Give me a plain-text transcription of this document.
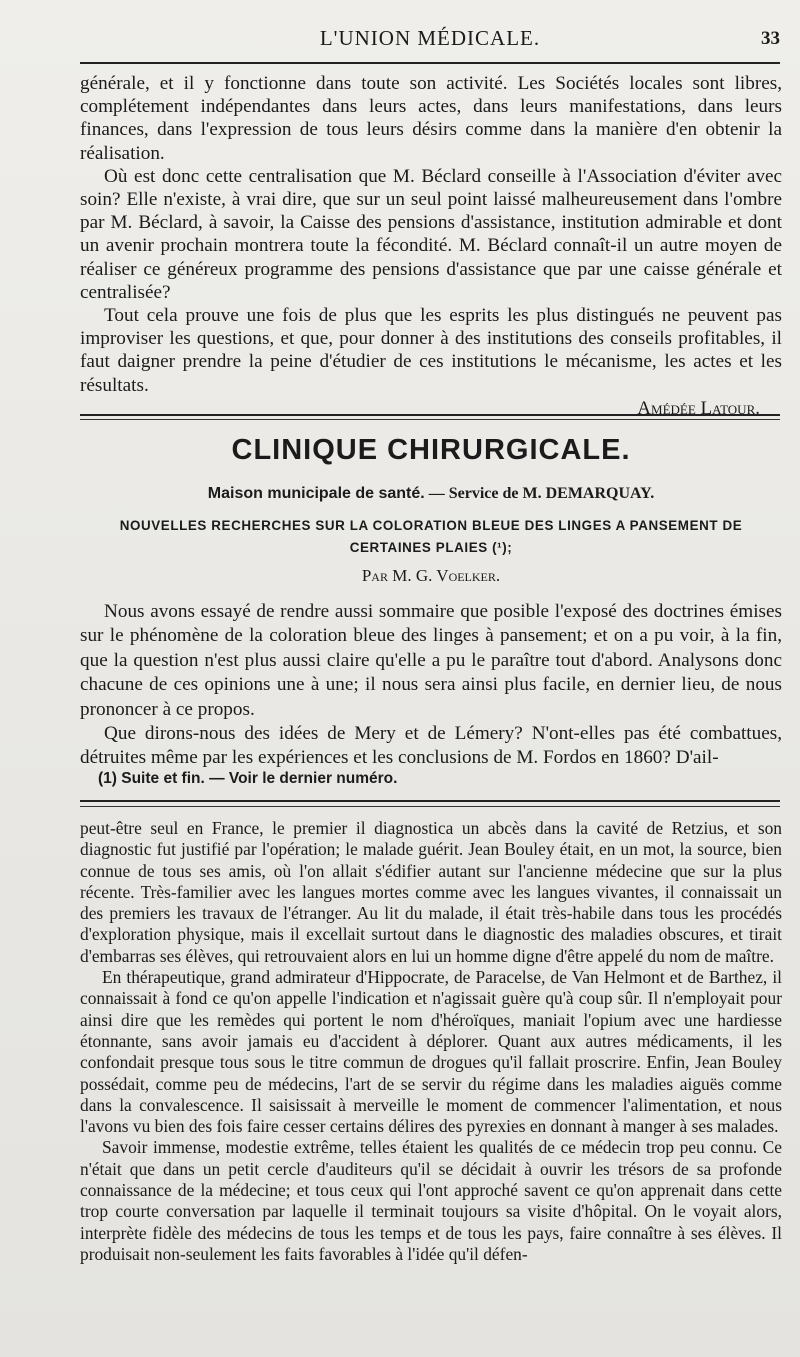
L'UNION MÉDICALE.	33

générale, et il y fonctionne dans toute son activité. Les Sociétés locales sont libres, complétement indépendantes dans leurs actes, dans leurs manifestations, dans leurs finances, dans l'expression de tous leurs désirs comme dans la manière d'en obtenir la réalisation.

Où est donc cette centralisation que M. Béclard conseille à l'Association d'éviter avec soin? Elle n'existe, à vrai dire, que sur un seul point laissé malheureusement dans l'ombre par M. Béclard, à savoir, la Caisse des pensions d'assistance, institution admirable et dont un avenir prochain montrera toute la fécondité. M. Béclard connaît-il un autre moyen de réaliser ce généreux programme des pensions d'assistance que par une caisse générale et centralisée?

Tout cela prouve une fois de plus que les esprits les plus distingués ne peuvent pas improviser les questions, et que, pour donner à des institutions des conseils profitables, il faut daigner prendre la peine d'étudier de ces institutions le mécanisme, les actes et les résultats.

Amédée Latour.

CLINIQUE CHIRURGICALE.
Maison municipale de santé. — Service de M. DEMARQUAY.
NOUVELLES RECHERCHES SUR LA COLORATION BLEUE DES LINGES A PANSEMENT DE CERTAINES PLAIES (¹);
Par M. G. Voelker.

Nous avons essayé de rendre aussi sommaire que posible l'exposé des doctrines émises sur le phénomène de la coloration bleue des linges à pansement; et on a pu voir, à la fin, que la question n'est plus aussi claire qu'elle a pu le paraître tout d'abord. Analysons donc chacune de ces opinions une à une; il nous sera ainsi plus facile, en dernier lieu, de nous prononcer à ce propos.

Que dirons-nous des idées de Mery et de Lémery? N'ont-elles pas été combattues, détruites même par les expériences et les conclusions de M. Fordos en 1860? D'ail-

(1) Suite et fin. — Voir le dernier numéro.

peut-être seul en France, le premier il diagnostica un abcès dans la cavité de Retzius, et son diagnostic fut justifié par l'opération; le malade guérit. Jean Bouley était, en un mot, la source, bien connue de tous ses amis, où l'on allait s'édifier autant sur l'ancienne médecine que sur la plus récente. Très-familier avec les langues mortes comme avec les langues vivantes, il connaissait un des premiers les travaux de l'étranger. Au lit du malade, il était très-habile dans tous les procédés d'exploration physique, mais il excellait surtout dans le diagnostic des maladies obscures, et tirait d'embarras ses élèves, qui retrouvaient alors en lui un homme digne d'être appelé du nom de maître.

En thérapeutique, grand admirateur d'Hippocrate, de Paracelse, de Van Helmont et de Barthez, il connaissait à fond ce qu'on appelle l'indication et n'agissait guère qu'à coup sûr. Il n'employait pour ainsi dire que les remèdes qui portent le nom d'héroïques, maniait l'opium avec une hardiesse étonnante, sans avoir jamais eu d'accident à déplorer. Quant aux autres médicaments, il les confondait presque tous sous le titre commun de drogues qu'il fallait proscrire. Enfin, Jean Bouley possédait, comme peu de médecins, l'art de se servir du régime dans les maladies aiguës comme dans la convalescence. Il saisissait à merveille le moment de commencer l'alimentation, et nous l'avons vu bien des fois faire cesser certains délires des pyrexies en donnant à manger à ses malades.

Savoir immense, modestie extrême, telles étaient les qualités de ce médecin trop peu connu. Ce n'était que dans un petit cercle d'auditeurs qu'il se décidait à ouvrir les trésors de sa profonde connaissance de la médecine; et tous ceux qui l'ont approché savent ce qu'on apprenait dans cette trop courte conversation par laquelle il terminait toujours sa visite d'hôpital. On le voyait alors, interprète fidèle des médecins de tous les temps et de tous les pays, faire connaître à ses élèves. Il produisait non-seulement les faits favorables à l'idée qu'il défen-
